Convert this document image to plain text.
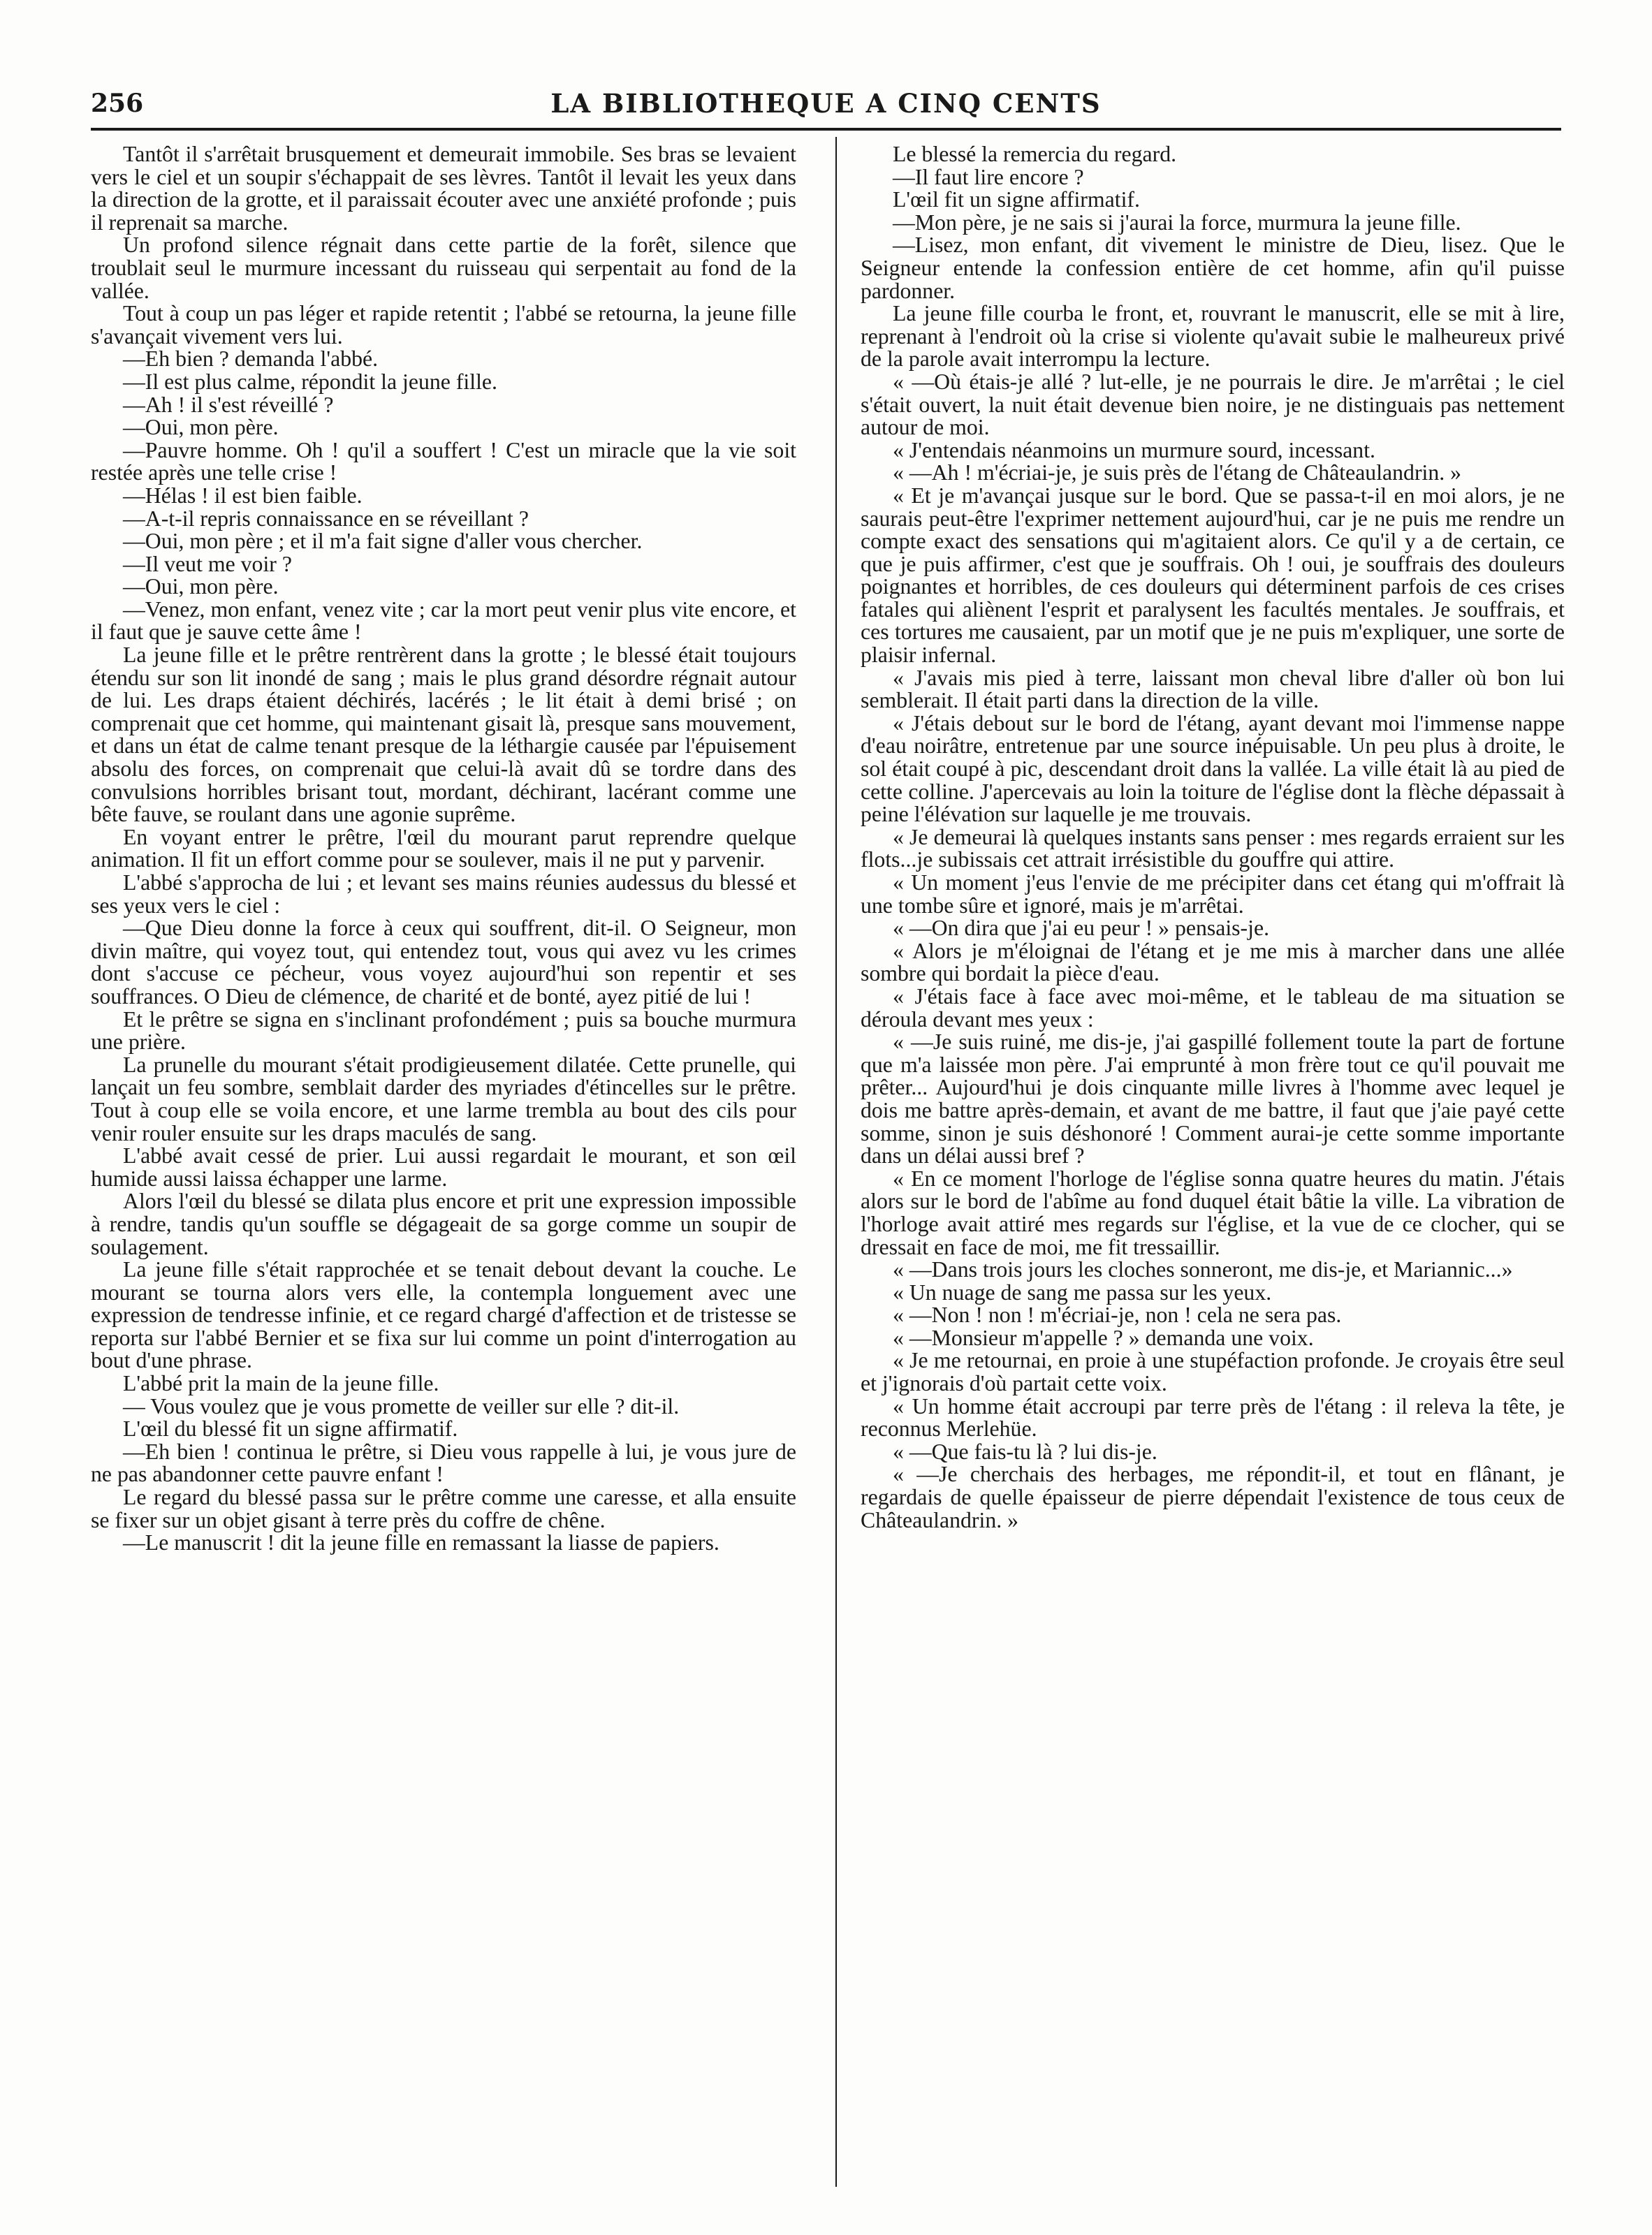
256	LA BIBLIOTHEQUE A CINQ CENTS

Tantôt il s'arrêtait brusquement et demeurait immobile. Ses bras se levaient vers le ciel et un soupir s'échappait de ses lèvres. Tantôt il levait les yeux dans la direction de la grotte, et il paraissait écouter avec une anxiété profonde ; puis il reprenait sa marche.

Un profond silence régnait dans cette partie de la forêt, silence que troublait seul le murmure incessant du ruisseau qui serpentait au fond de la vallée.

Tout à coup un pas léger et rapide retentit ; l'abbé se retourna, la jeune fille s'avançait vivement vers lui.

—Eh bien ? demanda l'abbé.

—Il est plus calme, répondit la jeune fille.

—Ah ! il s'est réveillé ?

—Oui, mon père.

—Pauvre homme. Oh ! qu'il a souffert ! C'est un miracle que la vie soit restée après une telle crise !

—Hélas ! il est bien faible.

—A-t-il repris connaissance en se réveillant ?

—Oui, mon père ; et il m'a fait signe d'aller vous chercher.

—Il veut me voir ?

—Oui, mon père.

—Venez, mon enfant, venez vite ; car la mort peut venir plus vite encore, et il faut que je sauve cette âme !

La jeune fille et le prêtre rentrèrent dans la grotte ; le blessé était toujours étendu sur son lit inondé de sang ; mais le plus grand désordre régnait autour de lui. Les draps étaient déchirés, lacérés ; le lit était à demi brisé ; on comprenait que cet homme, qui maintenant gisait là, presque sans mouvement, et dans un état de calme tenant presque de la léthargie causée par l'épuisement absolu des forces, on comprenait que celui-là avait dû se tordre dans des convulsions horribles brisant tout, mordant, déchirant, lacérant comme une bête fauve, se roulant dans une agonie suprême.

En voyant entrer le prêtre, l'œil du mourant parut reprendre quelque animation. Il fit un effort comme pour se soulever, mais il ne put y parvenir.

L'abbé s'approcha de lui ; et levant ses mains réunies audessus du blessé et ses yeux vers le ciel :

—Que Dieu donne la force à ceux qui souffrent, dit-il. O Seigneur, mon divin maître, qui voyez tout, qui entendez tout, vous qui avez vu les crimes dont s'accuse ce pécheur, vous voyez aujourd'hui son repentir et ses souffrances. O Dieu de clémence, de charité et de bonté, ayez pitié de lui !

Et le prêtre se signa en s'inclinant profondément ; puis sa bouche murmura une prière.

La prunelle du mourant s'était prodigieusement dilatée. Cette prunelle, qui lançait un feu sombre, semblait darder des myriades d'étincelles sur le prêtre. Tout à coup elle se voila encore, et une larme trembla au bout des cils pour venir rouler ensuite sur les draps maculés de sang.

L'abbé avait cessé de prier. Lui aussi regardait le mourant, et son œil humide aussi laissa échapper une larme.

Alors l'œil du blessé se dilata plus encore et prit une expression impossible à rendre, tandis qu'un souffle se dégageait de sa gorge comme un soupir de soulagement.

La jeune fille s'était rapprochée et se tenait debout devant la couche. Le mourant se tourna alors vers elle, la contempla longuement avec une expression de tendresse infinie, et ce regard chargé d'affection et de tristesse se reporta sur l'abbé Bernier et se fixa sur lui comme un point d'interrogation au bout d'une phrase.

L'abbé prit la main de la jeune fille.

— Vous voulez que je vous promette de veiller sur elle ? dit-il.

L'œil du blessé fit un signe affirmatif.

—Eh bien ! continua le prêtre, si Dieu vous rappelle à lui, je vous jure de ne pas abandonner cette pauvre enfant !

Le regard du blessé passa sur le prêtre comme une caresse, et alla ensuite se fixer sur un objet gisant à terre près du coffre de chêne.

—Le manuscrit ! dit la jeune fille en remassant la liasse de papiers.

Le blessé la remercia du regard.

—Il faut lire encore ?

L'œil fit un signe affirmatif.

—Mon père, je ne sais si j'aurai la force, murmura la jeune fille.

—Lisez, mon enfant, dit vivement le ministre de Dieu, lisez. Que le Seigneur entende la confession entière de cet homme, afin qu'il puisse pardonner.

La jeune fille courba le front, et, rouvrant le manuscrit, elle se mit à lire, reprenant à l'endroit où la crise si violente qu'avait subie le malheureux privé de la parole avait interrompu la lecture.

« —Où étais-je allé ? lut-elle, je ne pourrais le dire. Je m'arrêtai ; le ciel s'était ouvert, la nuit était devenue bien noire, je ne distinguais pas nettement autour de moi.

« J'entendais néanmoins un murmure sourd, incessant.

« —Ah ! m'écriai-je, je suis près de l'étang de Châteaulandrin. »

« Et je m'avançai jusque sur le bord. Que se passa-t-il en moi alors, je ne saurais peut-être l'exprimer nettement aujourd'hui, car je ne puis me rendre un compte exact des sensations qui m'agitaient alors. Ce qu'il y a de certain, ce que je puis affirmer, c'est que je souffrais. Oh ! oui, je souffrais des douleurs poignantes et horribles, de ces douleurs qui déterminent parfois de ces crises fatales qui aliènent l'esprit et paralysent les facultés mentales. Je souffrais, et ces tortures me causaient, par un motif que je ne puis m'expliquer, une sorte de plaisir infernal.

« J'avais mis pied à terre, laissant mon cheval libre d'aller où bon lui semblerait. Il était parti dans la direction de la ville.

« J'étais debout sur le bord de l'étang, ayant devant moi l'immense nappe d'eau noirâtre, entretenue par une source inépuisable. Un peu plus à droite, le sol était coupé à pic, descendant droit dans la vallée. La ville était là au pied de cette colline. J'apercevais au loin la toiture de l'église dont la flèche dépassait à peine l'élévation sur laquelle je me trouvais.

« Je demeurai là quelques instants sans penser : mes regards erraient sur les flots...je subissais cet attrait irrésistible du gouffre qui attire.

« Un moment j'eus l'envie de me précipiter dans cet étang qui m'offrait là une tombe sûre et ignoré, mais je m'arrêtai.

« —On dira que j'ai eu peur ! » pensais-je.

« Alors je m'éloignai de l'étang et je me mis à marcher dans une allée sombre qui bordait la pièce d'eau.

« J'étais face à face avec moi-même, et le tableau de ma situation se déroula devant mes yeux :

« —Je suis ruiné, me dis-je, j'ai gaspillé follement toute la part de fortune que m'a laissée mon père. J'ai emprunté à mon frère tout ce qu'il pouvait me prêter... Aujourd'hui je dois cinquante mille livres à l'homme avec lequel je dois me battre après-demain, et avant de me battre, il faut que j'aie payé cette somme, sinon je suis déshonoré ! Comment aurai-je cette somme importante dans un délai aussi bref ?

« En ce moment l'horloge de l'église sonna quatre heures du matin. J'étais alors sur le bord de l'abîme au fond duquel était bâtie la ville. La vibration de l'horloge avait attiré mes regards sur l'église, et la vue de ce clocher, qui se dressait en face de moi, me fit tressaillir.

« —Dans trois jours les cloches sonneront, me dis-je, et Mariannic...»

« Un nuage de sang me passa sur les yeux.

« —Non ! non ! m'écriai-je, non ! cela ne sera pas.

« —Monsieur m'appelle ? » demanda une voix.

« Je me retournai, en proie à une stupéfaction profonde. Je croyais être seul et j'ignorais d'où partait cette voix.

« Un homme était accroupi par terre près de l'étang : il releva la tête, je reconnus Merlehüe.

« —Que fais-tu là ? lui dis-je.

« —Je cherchais des herbages, me répondit-il, et tout en flânant, je regardais de quelle épaisseur de pierre dépendait l'existence de tous ceux de Châteaulandrin. »
